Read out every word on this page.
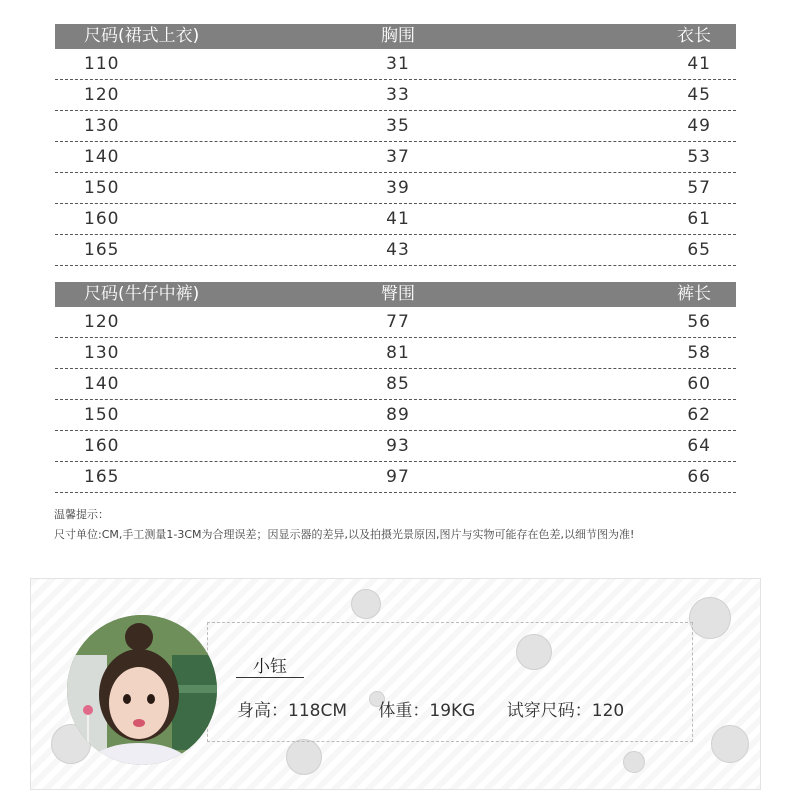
尺码(裙式上衣)	胸围	衣长
110	31	41
120	33	45
130	35	49
140	37	53
150	39	57
160	41	61
165	43	65
尺码(牛仔中裤)	臀围	裤长
120	77	56
130	81	58
140	85	60
150	89	62
160	93	64
165	97	66
温馨提示：
尺寸单位:CM,手工测量1-3CM为合理误差；因显示器的差异,以及拍摄光景原因,图片与实物可能存在色差,以细节图为准!
小钰
身高：118CM 体重：19KG 试穿尺码：120
